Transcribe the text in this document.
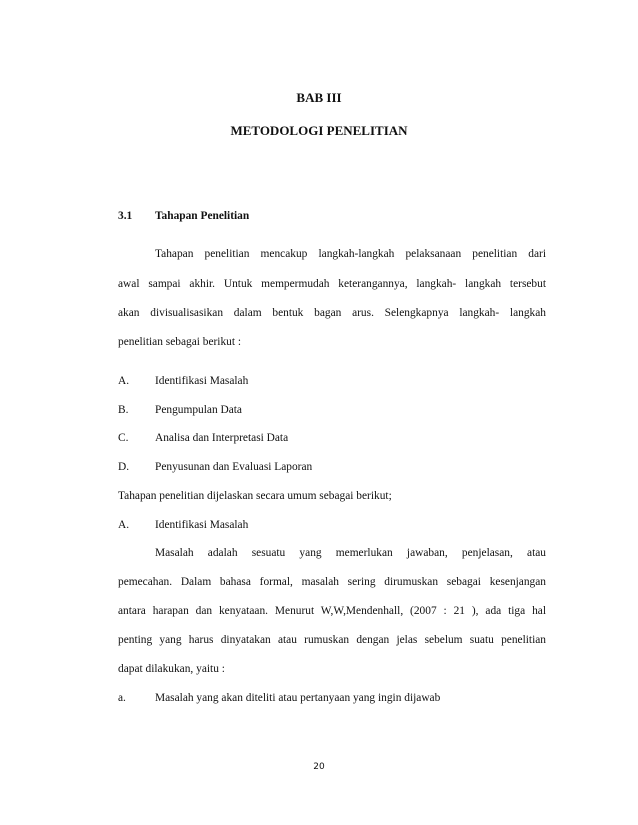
BAB III

METODOLOGI PENELITIAN

3.1 Tahapan Penelitian

Tahapan penelitian mencakup langkah-langkah pelaksanaan penelitian dari

awal sampai akhir. Untuk mempermudah keterangannya, langkah- langkah tersebut

akan divisualisasikan dalam bentuk bagan arus. Selengkapnya langkah- langkah

penelitian sebagai berikut :

A. Identifikasi Masalah

B. Pengumpulan Data

C. Analisa dan Interpretasi Data

D. Penyusunan dan Evaluasi Laporan

Tahapan penelitian dijelaskan secara umum sebagai berikut;

A. Identifikasi Masalah

Masalah adalah sesuatu yang memerlukan jawaban, penjelasan, atau

pemecahan. Dalam bahasa formal, masalah sering dirumuskan sebagai kesenjangan

antara harapan dan kenyataan. Menurut W,W,Mendenhall, (2007 : 21 ), ada tiga hal

penting yang harus dinyatakan atau rumuskan dengan jelas sebelum suatu penelitian

dapat dilakukan, yaitu :

a.	Masalah yang akan diteliti atau pertanyaan yang ingin dijawab

20
